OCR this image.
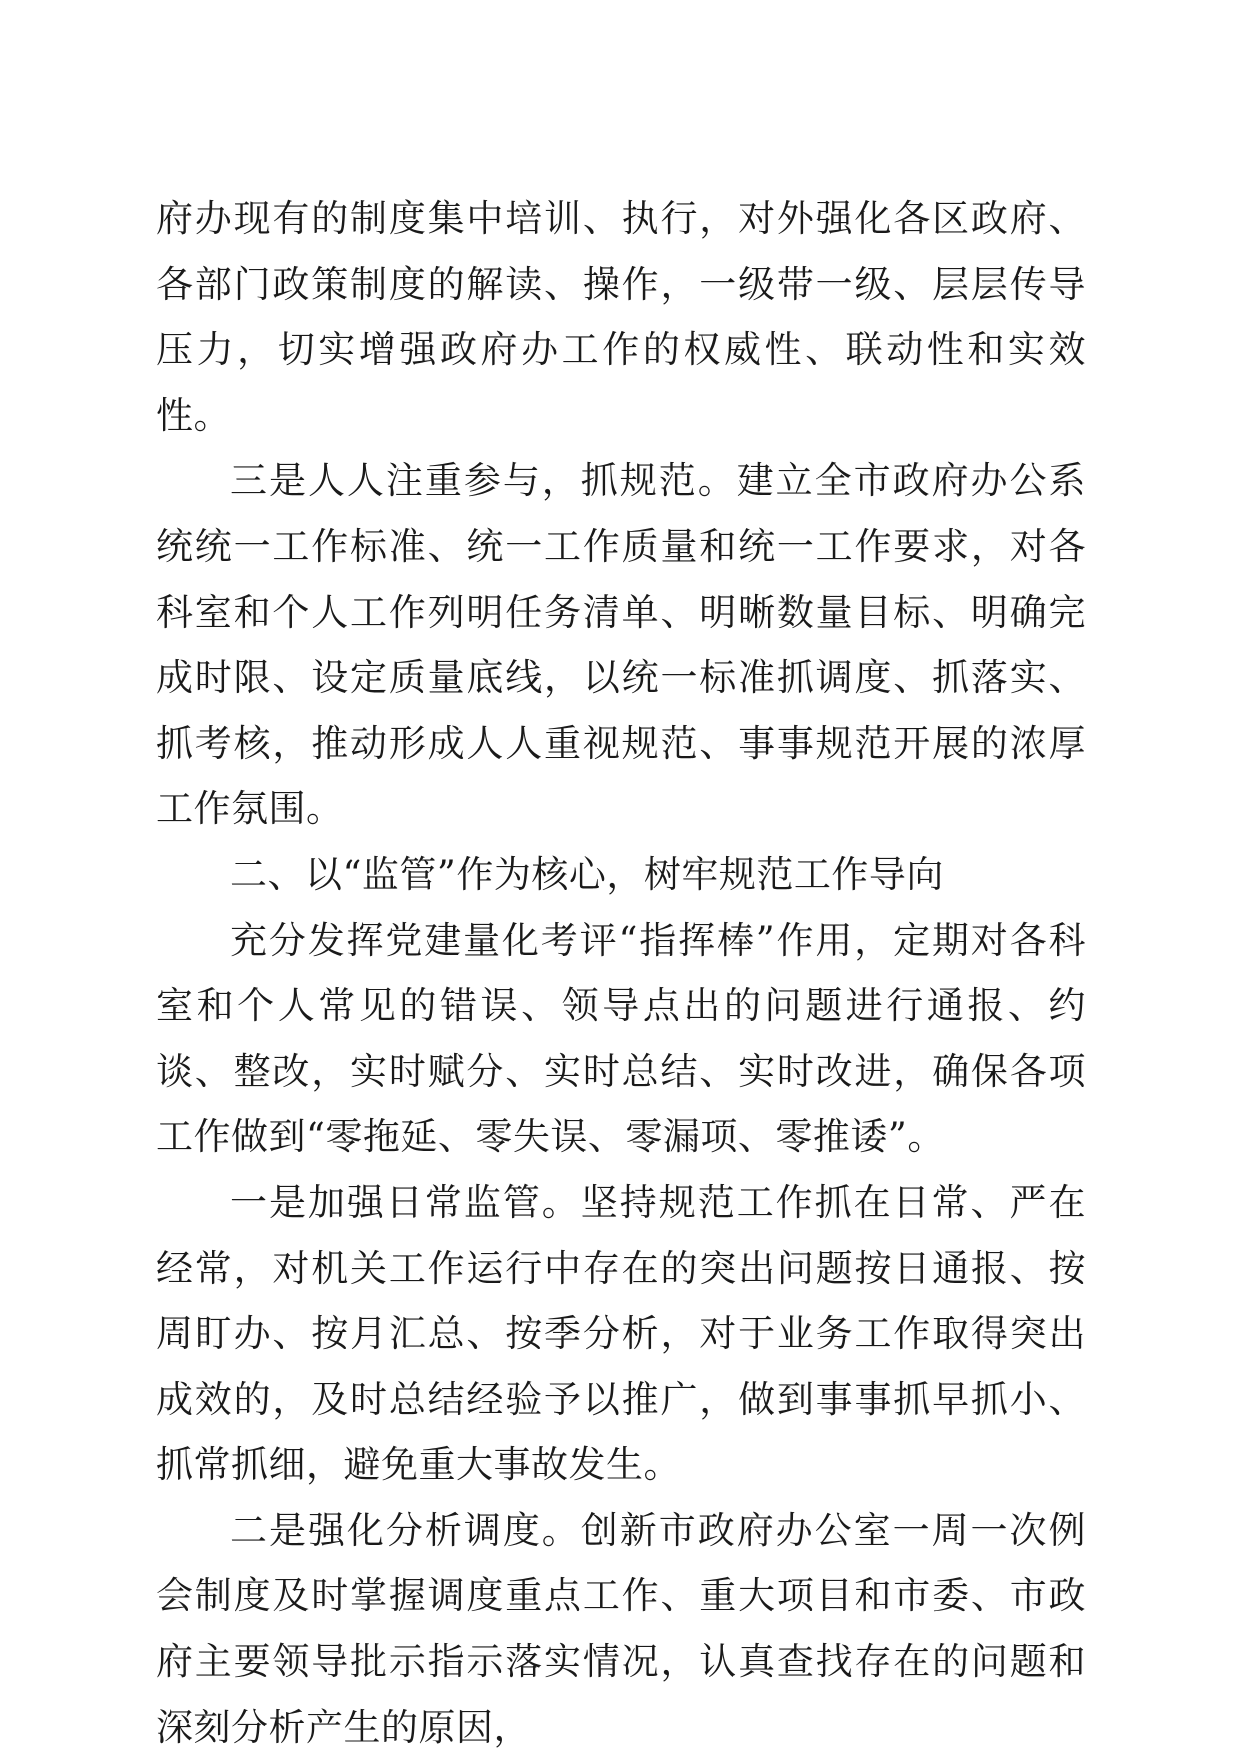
府办现有的制度集中培训、执行，对外强化各区政府、各部门政策制度的解读、操作，一级带一级、层层传导压力，切实增强政府办工作的权威性、联动性和实效性。

三是人人注重参与，抓规范。建立全市政府办公系统统一工作标准、统一工作质量和统一工作要求，对各科室和个人工作列明任务清单、明晰数量目标、明确完成时限、设定质量底线，以统一标准抓调度、抓落实、抓考核，推动形成人人重视规范、事事规范开展的浓厚工作氛围。

二、以“监管”作为核心，树牢规范工作导向

充分发挥党建量化考评“指挥棒”作用，定期对各科室和个人常见的错误、领导点出的问题进行通报、约谈、整改，实时赋分、实时总结、实时改进，确保各项工作做到“零拖延、零失误、零漏项、零推诿”。

一是加强日常监管。坚持规范工作抓在日常、严在经常，对机关工作运行中存在的突出问题按日通报、按周盯办、按月汇总、按季分析，对于业务工作取得突出成效的，及时总结经验予以推广，做到事事抓早抓小、抓常抓细，避免重大事故发生。

二是强化分析调度。创新市政府办公室一周一次例会制度及时掌握调度重点工作、重大项目和市委、市政府主要领导批示指示落实情况，认真查找存在的问题和深刻分析产生的原因，
